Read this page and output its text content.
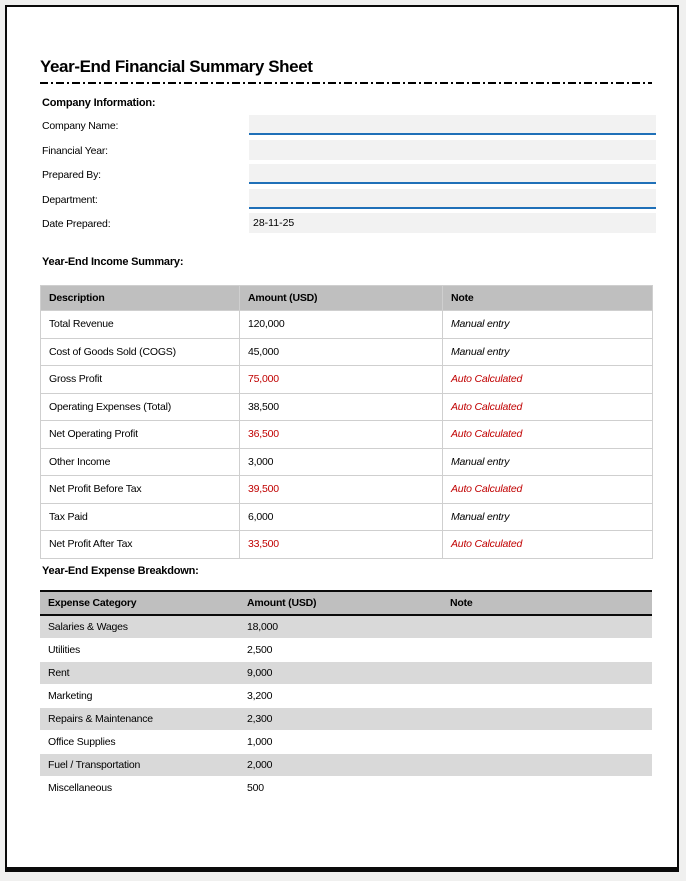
Year-End Financial Summary Sheet
Company Information:
Company Name:
Financial Year:
Prepared By:
Department:
Date Prepared:	28-11-25
Year-End Income Summary:
Description	Amount (USD)	Note
Total Revenue	120,000	Manual entry
Cost of Goods Sold (COGS)	45,000	Manual entry
Gross Profit	75,000	Auto Calculated
Operating Expenses (Total)	38,500	Auto Calculated
Net Operating Profit	36,500	Auto Calculated
Other Income	3,000	Manual entry
Net Profit Before Tax	39,500	Auto Calculated
Tax Paid	6,000	Manual entry
Net Profit After Tax	33,500	Auto Calculated
Year-End Expense Breakdown:
Expense Category	Amount (USD)	Note
Salaries & Wages	18,000	
Utilities	2,500	
Rent	9,000	
Marketing	3,200	
Repairs & Maintenance	2,300	
Office Supplies	1,000	
Fuel / Transportation	2,000	
Miscellaneous	500	
